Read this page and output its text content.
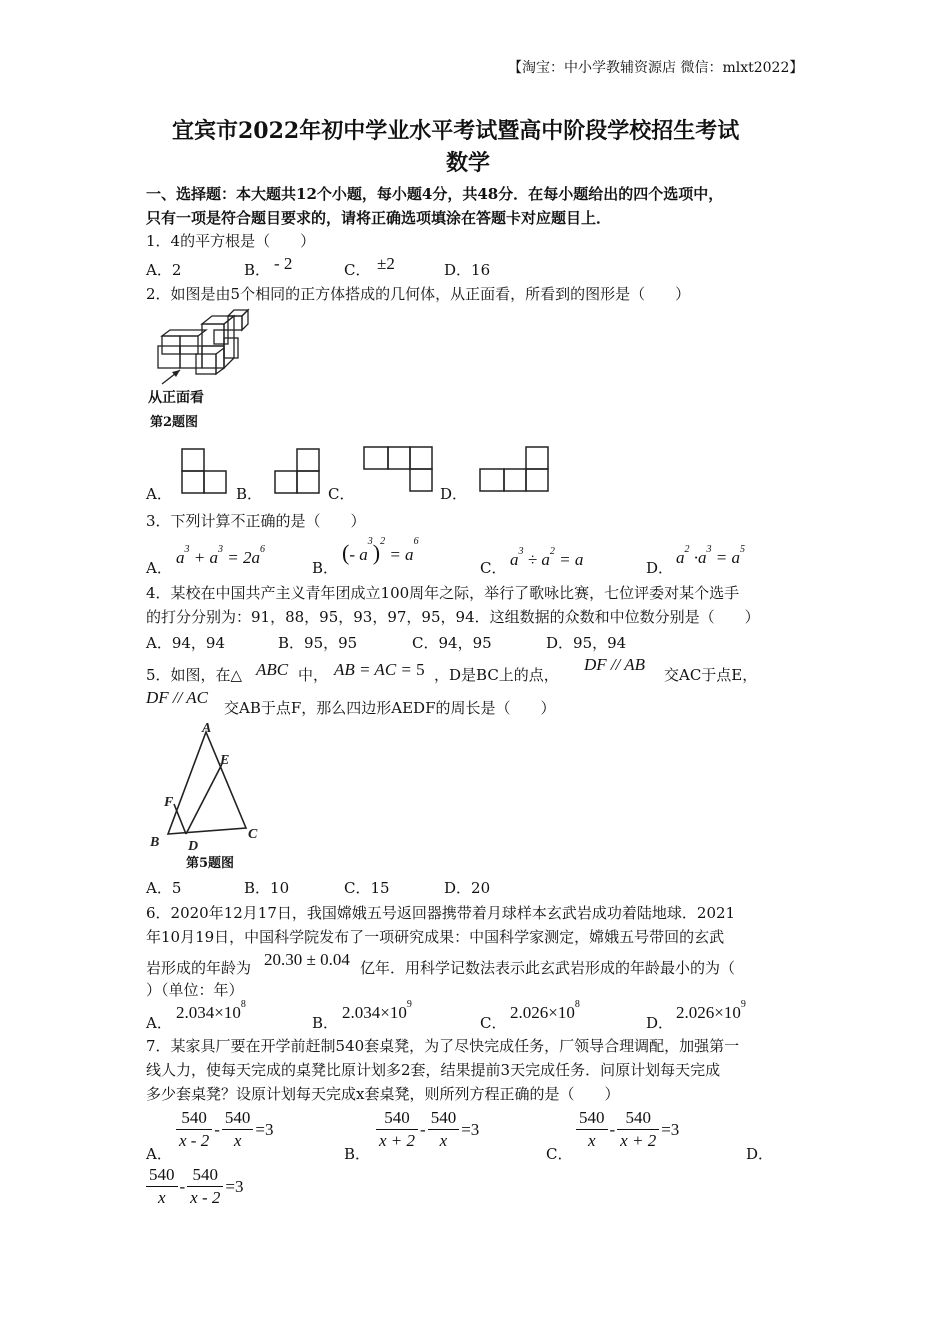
【淘宝：中小学教辅资源店 微信：mlxt2022】
宜宾市2022年初中学业水平考试暨高中阶段学校招生考试
数学
一、选择题：本大题共12个小题，每小题4分，共48分．在每小题给出的四个选项中，
只有一项是符合题目要求的，请将正确选项填涂在答题卡对应题目上．
1．4的平方根是（　　）
A．2	B． - 2	C． ±2	D．16
2．如图是由5个相同的正方体搭成的几何体，从正面看，所看到的图形是（　　）
从正面看
第2题图
A．	B．	C．	D．
3．下列计算不正确的是（　　）
A．
$a^3 + a^3 = 2a^6$
B．
(- $a^3)^2 = a^6$
C． $a^3 \div a^2 = a$	D．
$a^2 \cdot a^3 = a^5$
4．某校在中国共产主义青年团成立100周年之际，举行了歌咏比赛，七位评委对某个选手
的打分分别为：91，88，95，93，97，95，94．这组数据的众数和中位数分别是（　　）
A．94，94	B．95，95	C．94，95	D．95，94
5．如图，在△ ABC 中， AB = AC = 5 ，D是BC上的点，
DF // AB
交AC于点E，
DF // AC
交AB于点F，那么四边形AEDF的周长是（　　）
A
B
C
D
E
F
第5题图
A．5	B．10	C．15	D．20
6．2020年12月17日，我国嫦娥五号返回器携带着月球样本玄武岩成功着陆地球．2021
年10月19日，中国科学院发布了一项研究成果：中国科学家测定，嫦娥五号带回的玄武
岩形成的年龄为 20.30 ± 0.04 亿年．用科学记数法表示此玄武岩形成的年龄最小的为（
）（单位：年）
A．
$2.034\times 10^8$
B．
$2.034\times 10^9$
C．
$2.026\times 10^8$
D．
$2.026\times 10^9$
7．某家具厂要在开学前赶制540套桌凳，为了尽快完成任务，厂领导合理调配，加强第一
线人力，使每天完成的桌凳比原计划多2套，结果提前3天完成任务．问原计划每天完成
多少套桌凳？设原计划每天完成x套桌凳，则所列方程正确的是（　　）
A．
$\frac{540}{x - 2} - \frac{540}{x} =3$
B．
$\frac{540}{x + 2} - \frac{540}{x} =3$
C．
$\frac{540}{x} - \frac{540}{x + 2} =3$
D．
$\frac{540}{x} - \frac{540}{x - 2} =3$
